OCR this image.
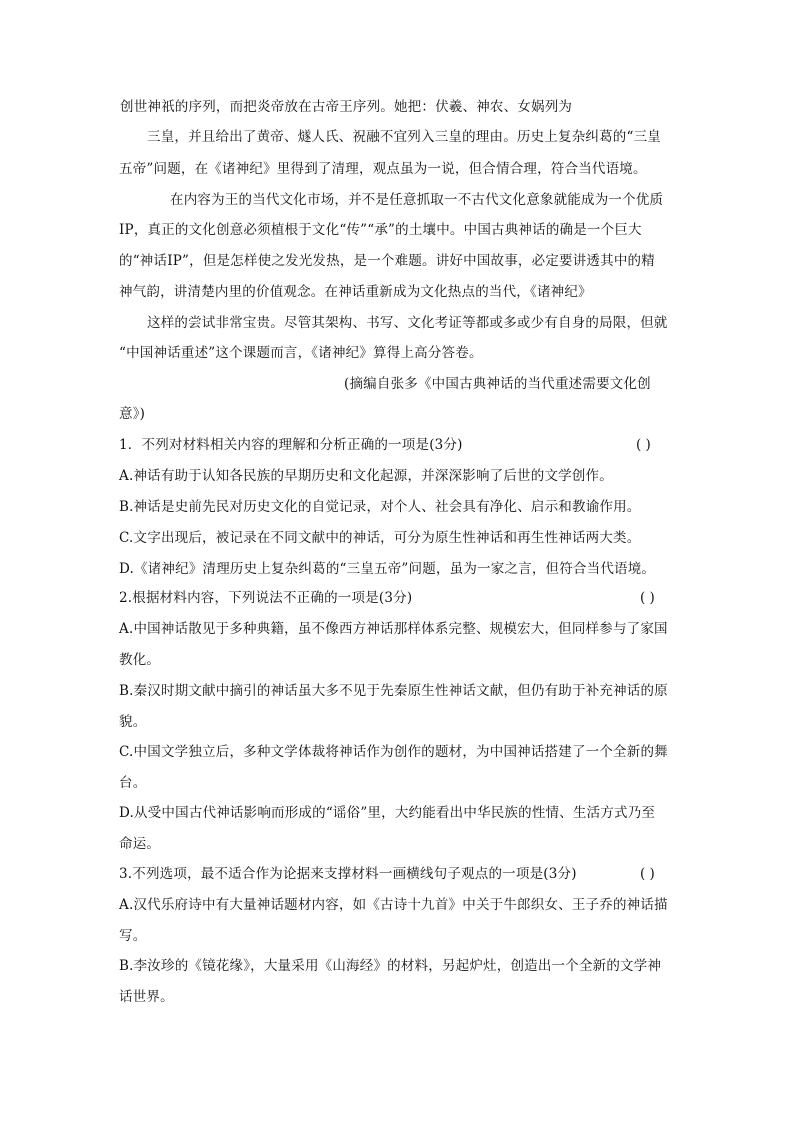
创世神祇的序列，而把炎帝放在古帝王序列。她把：伏羲、神农、女娲列为
三皇，并且给出了黄帝、燧人氏、祝融不宜列入三皇的理由。历史上复杂纠葛的“三皇
五帝”问题，在《诸神纪》里得到了清理，观点虽为一说，但合情合理，符合当代语境。
在内容为王的当代文化市场，并不是任意抓取一不古代文化意象就能成为一个优质
IP，真正的文化创意必须植根于文化“传”“承”的土壤中。中国古典神话的确是一个巨大
的“神话IP”，但是怎样使之发光发热，是一个难题。讲好中国故事，必定要讲透其中的精
神气韵，讲清楚内里的价值观念。在神话重新成为文化热点的当代，《诸神纪》
这样的尝试非常宝贵。尽管其架构、书写、文化考证等都或多或少有自身的局限，但就
“中国神话重述”这个课题而言，《诸神纪》算得上高分答卷。
(摘编自张多《中国古典神话的当代重述需要文化创
意》)
1．不列对材料相关内容的理解和分析正确的一项是(3分)	( )
A.神话有助于认知各民族的早期历史和文化起源，并深深影响了后世的文学创作。
B.神话是史前先民对历史文化的自觉记录，对个人、社会具有净化、启示和教谕作用。
C.文字出现后，被记录在不同文献中的神话，可分为原生性神话和再生性神话两大类。
D.《诸神纪》清理历史上复杂纠葛的“三皇五帝”问题，虽为一家之言，但符合当代语境。
2.根据材料内容，下列说法不正确的一项是(3分)	( )
A.中国神话散见于多种典籍，虽不像西方神话那样体系完整、规模宏大，但同样参与了家国
教化。
B.秦汉时期文献中摘引的神话虽大多不见于先秦原生性神话文献，但仍有助于补充神话的原
貌。
C.中国文学独立后，多种文学体裁将神话作为创作的题材，为中国神话搭建了一个全新的舞
台。
D.从受中国古代神话影响而形成的“谣俗”里，大约能看出中华民族的性情、生活方式乃至
命运。
3.不列选项，最不适合作为论据来支撑材料一画横线句子观点的一项是(3分)	( )
A.汉代乐府诗中有大量神话题材内容，如《古诗十九首》中关于牛郎织女、王子乔的神话描
写。
B.李汝珍的《镜花缘》，大量采用《山海经》的材料，另起炉灶，创造出一个全新的文学神
话世界。
